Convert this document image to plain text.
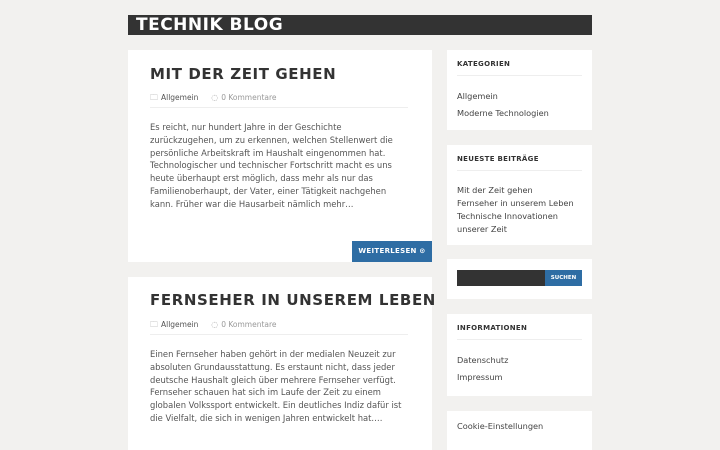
TECHNIK BLOG
MIT DER ZEIT GEHEN
🗀 Allgemein ◌ 0 Kommentare

Es reicht, nur hundert Jahre in der Geschichte zurückzugehen, um zu erkennen, welchen Stellenwert die persönliche Arbeitskraft im Haushalt eingenommen hat. Technologischer und technischer Fortschritt macht es uns heute überhaupt erst möglich, dass mehr als nur das Familienoberhaupt, der Vater, einer Tätigkeit nachgehen kann. Früher war die Hausarbeit nämlich mehr…

WEITERLESEN ⊙
FERNSEHER IN UNSEREM LEBEN
🗀 Allgemein ◌ 0 Kommentare

Einen Fernseher haben gehört in der medialen Neuzeit zur absoluten Grundausstattung. Es erstaunt nicht, dass jeder deutsche Haushalt gleich über mehrere Fernseher verfügt. Fernseher schauen hat sich im Laufe der Zeit zu einem globalen Volkssport entwickelt. Ein deutliches Indiz dafür ist die Vielfalt, die sich in wenigen Jahren entwickelt hat.…

KATEGORIEN
Allgemein
Moderne Technologien
NEUESTE BEITRÄGE
Mit der Zeit gehen
Fernseher in unserem Leben
Technische Innovationen
unserer Zeit
SUCHEN
INFORMATIONEN
Datenschutz
Impressum
Cookie-Einstellungen
